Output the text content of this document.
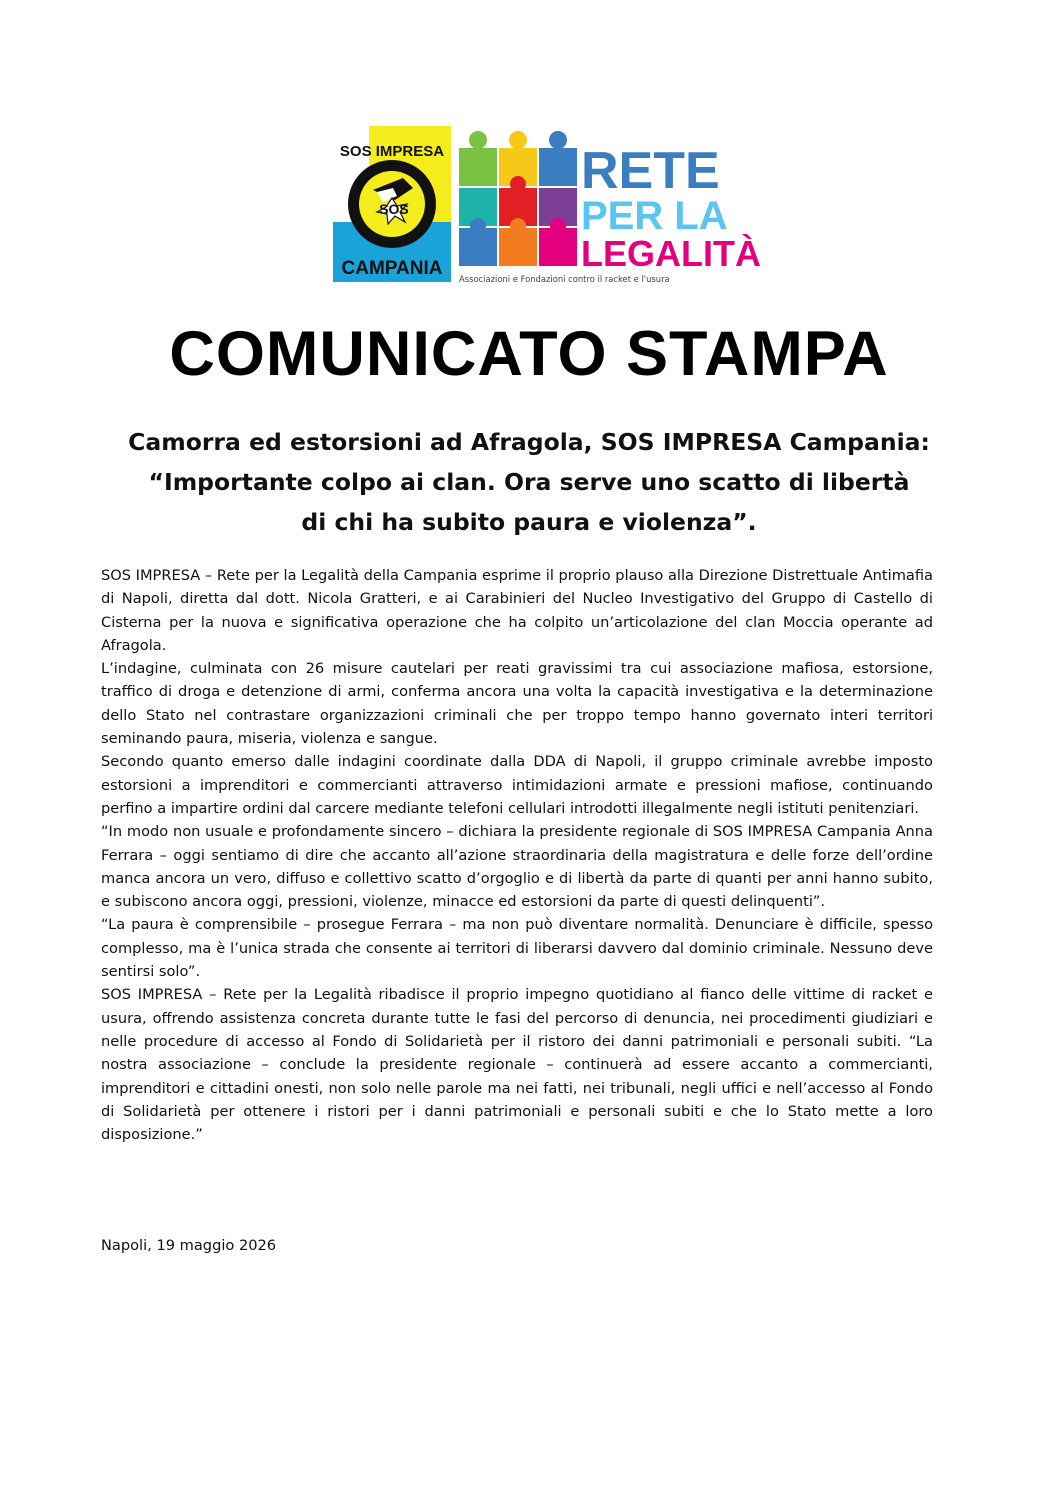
SOS
SOS IMPRESA
CAMPANIA
RETE
PER LA
LEGALITÀ
Associazioni e Fondazioni contro il racket e l'usura
COMUNICATO STAMPA
Camorra ed estorsioni ad Afragola, SOS IMPRESA Campania:
“Importante colpo ai clan. Ora serve uno scatto di libertà
di chi ha subito paura e violenza”.

SOS IMPRESA – Rete per la Legalità della Campania esprime il proprio plauso alla Direzione Distrettuale Antimafia di Napoli, diretta dal dott. Nicola Gratteri, e ai Carabinieri del Nucleo Investigativo del Gruppo di Castello di Cisterna per la nuova e significativa operazione che ha colpito un’articolazione del clan Moccia operante ad Afragola.

L’indagine, culminata con 26 misure cautelari per reati gravissimi tra cui associazione mafiosa, estorsione, traffico di droga e detenzione di armi, conferma ancora una volta la capacità investigativa e la determinazione dello Stato nel contrastare organizzazioni criminali che per troppo tempo hanno governato interi territori seminando paura, miseria, violenza e sangue.

Secondo quanto emerso dalle indagini coordinate dalla DDA di Napoli, il gruppo criminale avrebbe imposto estorsioni a imprenditori e commercianti attraverso intimidazioni armate e pressioni mafiose, continuando perfino a impartire ordini dal carcere mediante telefoni cellulari introdotti illegalmente negli istituti penitenziari.

“In modo non usuale e profondamente sincero – dichiara la presidente regionale di SOS IMPRESA Campania Anna Ferrara – oggi sentiamo di dire che accanto all’azione straordinaria della magistratura e delle forze dell’ordine manca ancora un vero, diffuso e collettivo scatto d’orgoglio e di libertà da parte di quanti per anni hanno subito, e subiscono ancora oggi, pressioni, violenze, minacce ed estorsioni da parte di questi delinquenti”.

“La paura è comprensibile – prosegue Ferrara – ma non può diventare normalità. Denunciare è difficile, spesso complesso, ma è l’unica strada che consente ai territori di liberarsi davvero dal dominio criminale. Nessuno deve sentirsi solo”.

SOS IMPRESA – Rete per la Legalità ribadisce il proprio impegno quotidiano al fianco delle vittime di racket e usura, offrendo assistenza concreta durante tutte le fasi del percorso di denuncia, nei procedimenti giudiziari e nelle procedure di accesso al Fondo di Solidarietà per il ristoro dei danni patrimoniali e personali subiti. “La nostra associazione – conclude la presidente regionale – continuerà ad essere accanto a commercianti, imprenditori e cittadini onesti, non solo nelle parole ma nei fatti, nei tribunali, negli uffici e nell’accesso al Fondo di Solidarietà per ottenere i ristori per i danni patrimoniali e personali subiti e che lo Stato mette a loro disposizione.”

Napoli, 19 maggio 2026
